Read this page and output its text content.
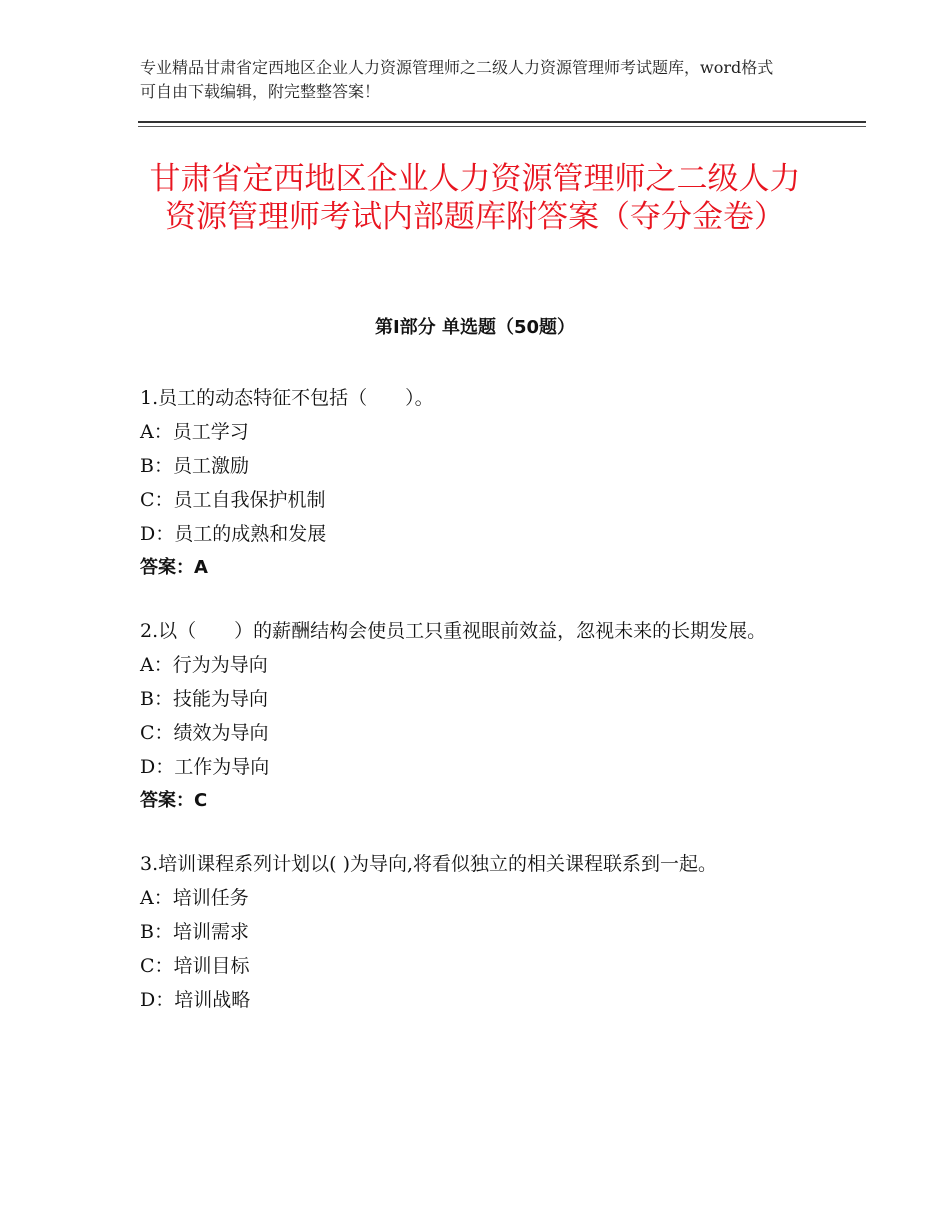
专业精品甘肃省定西地区企业人力资源管理师之二级人力资源管理师考试题库，word格式可自由下载编辑，附完整整答案！
甘肃省定西地区企业人力资源管理师之二级人力资源管理师考试内部题库附答案（夺分金卷）
第Ⅰ部分 单选题（50题）
1.员工的动态特征不包括（　　）。
A：员工学习
B：员工激励
C：员工自我保护机制
D：员工的成熟和发展
答案：A
2.以（　　）的薪酬结构会使员工只重视眼前效益，忽视未来的长期发展。
A：行为为导向
B：技能为导向
C：绩效为导向
D：工作为导向
答案：C
3.培训课程系列计划以( )为导向,将看似独立的相关课程联系到一起。
A：培训任务
B：培训需求
C：培训目标
D：培训战略
